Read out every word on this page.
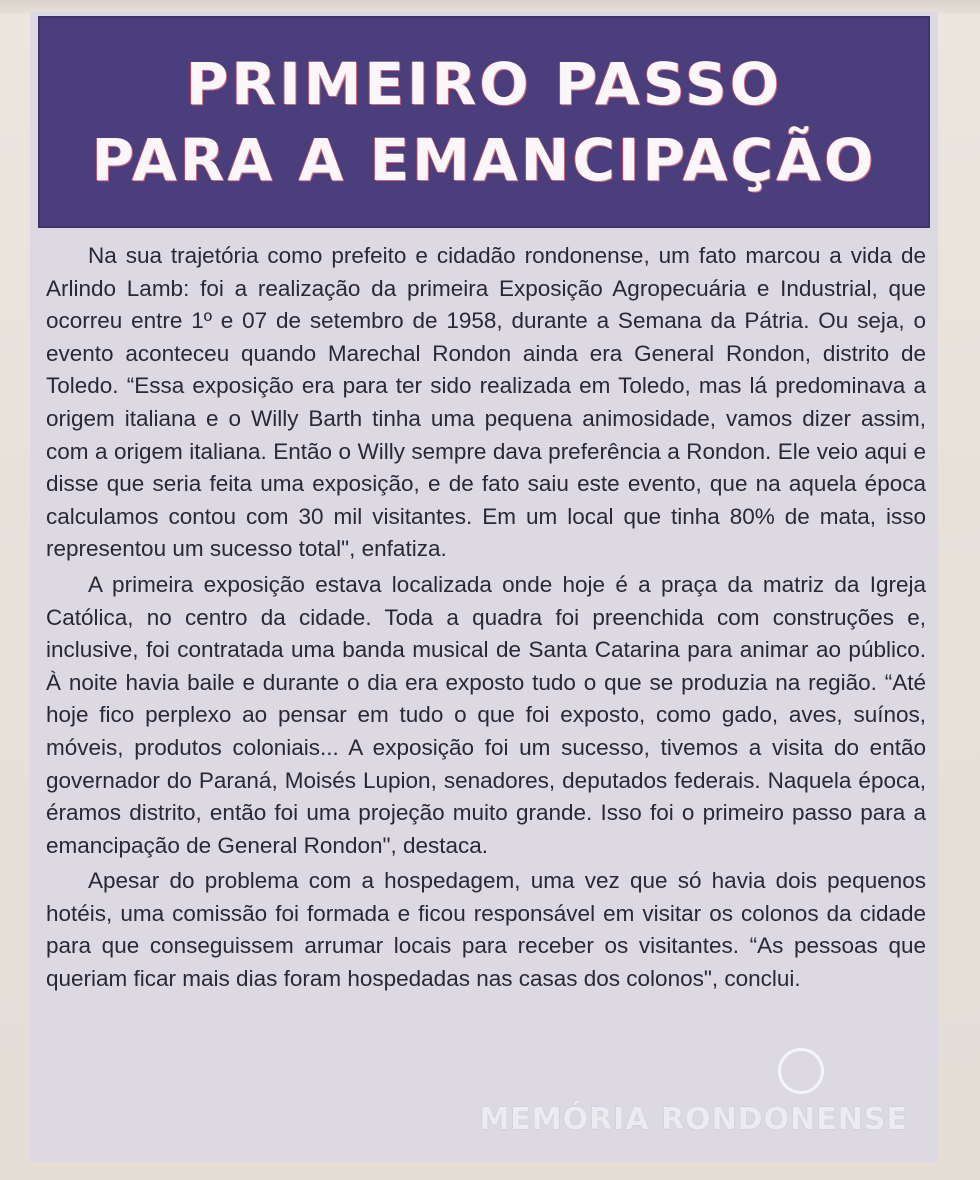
PRIMEIRO PASSO
PARA A EMANCIPAÇÃO

Na sua trajetória como prefeito e cidadão rondonense, um fato marcou a vida de Arlindo Lamb: foi a realização da primeira Exposição Agropecuária e Industrial, que ocorreu entre 1º e 07 de setembro de 1958, durante a Semana da Pátria. Ou seja, o evento aconteceu quando Marechal Rondon ainda era General Rondon, distrito de Toledo. “Essa exposição era para ter sido realizada em Toledo, mas lá predominava a origem italiana e o Willy Barth tinha uma pequena animosidade, vamos dizer assim, com a origem italiana. Então o Willy sempre dava preferência a Rondon. Ele veio aqui e disse que seria feita uma exposição, e de fato saiu este evento, que na aquela época calculamos contou com 30 mil visitantes. Em um local que tinha 80% de mata, isso representou um sucesso total", enfatiza.

A primeira exposição estava localizada onde hoje é a praça da matriz da Igreja Católica, no centro da cidade. Toda a quadra foi preenchida com construções e, inclusive, foi contratada uma banda musical de Santa Catarina para animar ao público. À noite havia baile e durante o dia era exposto tudo o que se produzia na região. “Até hoje fico perplexo ao pensar em tudo o que foi exposto, como gado, aves, suínos, móveis, produtos coloniais... A exposição foi um sucesso, tivemos a visita do então governador do Paraná, Moisés Lupion, senadores, deputados federais. Naquela época, éramos distrito, então foi uma projeção muito grande. Isso foi o primeiro passo para a emancipação de General Rondon", destaca.

Apesar do problema com a hospedagem, uma vez que só havia dois pequenos hotéis, uma comissão foi formada e ficou responsável em visitar os colonos da cidade para que conseguissem arrumar locais para receber os visitantes. “As pessoas que queriam ficar mais dias foram hospedadas nas casas dos colonos", conclui.

MEMÓRIA RONDONENSE
